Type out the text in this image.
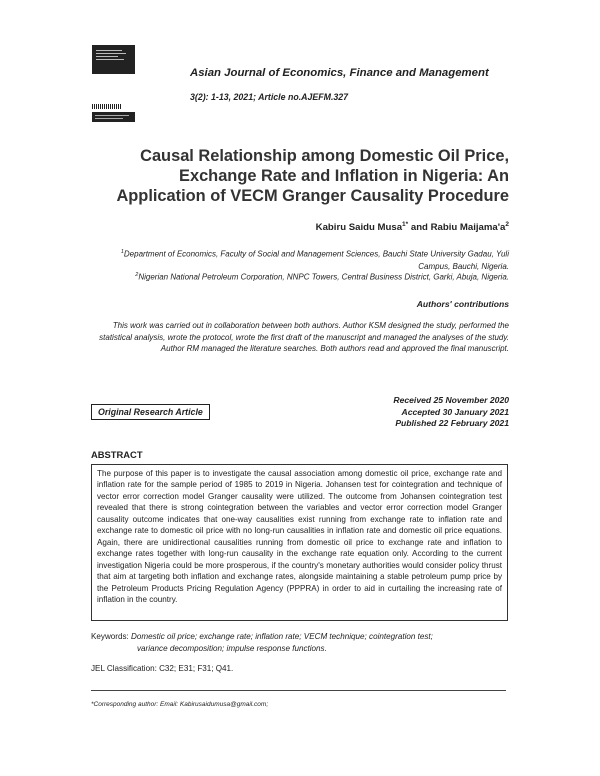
Asian Journal of Economics, Finance and Management
3(2): 1-13, 2021; Article no.AJEFM.327
Causal Relationship among Domestic Oil Price, Exchange Rate and Inflation in Nigeria: An Application of VECM Granger Causality Procedure
Kabiru Saidu Musa$^{1*}$ and Rabiu $Maijama'a^2$
$^1$Department of Economics, Faculty of Social and Management Sciences, Bauchi State University Gadau, Yuli Campus, Bauchi, Nigeria.
$^2$Nigerian National Petroleum Corporation, NNPC Towers, Central Business District, Garki, Abuja, Nigeria.
Authors' contributions
This work was carried out in collaboration between both authors. Author KSM designed the study, performed the statistical analysis, wrote the protocol, wrote the first draft of the manuscript and managed the analyses of the study. Author RM managed the literature searches. Both authors read and approved the final manuscript.
Original Research Article
Received 25 November 2020
Accepted 30 January 2021
Published 22 February 2021
ABSTRACT
The purpose of this paper is to investigate the causal association among domestic oil price, exchange rate and inflation rate for the sample period of 1985 to 2019 in Nigeria. Johansen test for cointegration and technique of vector error correction model Granger causality were utilized. The outcome from Johansen cointegration test revealed that there is strong cointegration between the variables and vector error correction model Granger causality outcome indicates that one-way causalities exist running from exchange rate to inflation rate and exchange rate to domestic oil price with no long-run causalities in inflation rate and domestic oil price equations. Again, there are unidirectional causalities running from domestic oil price to exchange rate and inflation to exchange rates together with long-run causality in the exchange rate equation only. According to the current investigation Nigeria could be more prosperous, if the country's monetary authorities would consider policy thrust that aim at targeting both inflation and exchange rates, alongside maintaining a stable petroleum pump price by the Petroleum Products Pricing Regulation Agency (PPPRA) in order to aid in curtailing the increasing rate of inflation in the country.
Keywords: Domestic oil price; exchange rate; inflation rate; VECM technique; cointegration test;
variance decomposition; impulse response functions.
JEL Classification: C32; E31; F31; Q41.
*Corresponding author: Email: Kabirusaidumusa@gmail.com;
